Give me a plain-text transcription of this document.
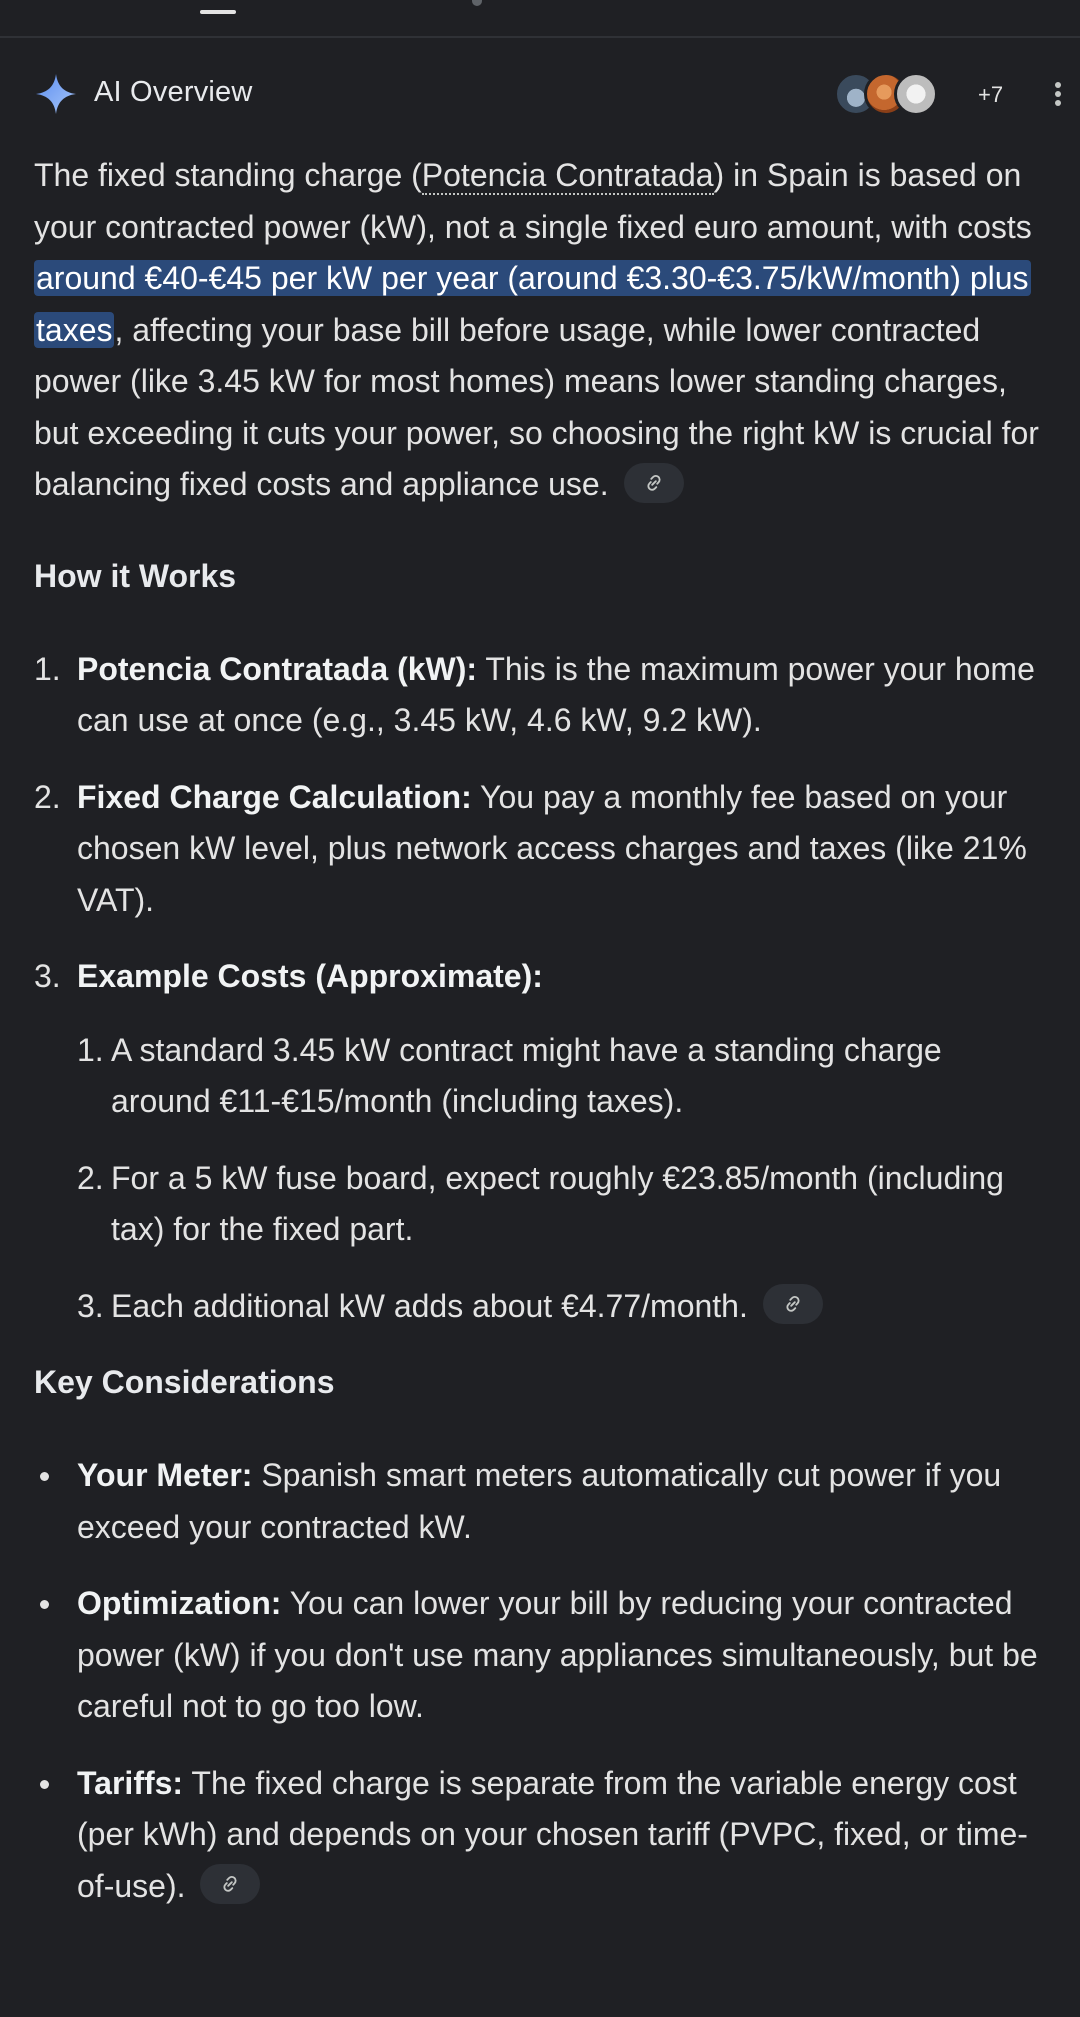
AI Overview	+7

The fixed standing charge (Potencia Contratada) in Spain is based on your contracted power (kW), not a single fixed euro amount, with costs around €40-€45 per kW per year (around €3.30-€3.75/kW/month) plus taxes, affecting your base bill before usage, while lower contracted power (like 3.45 kW for most homes) means lower standing charges, but exceeding it cuts your power, so choosing the right kW is crucial for balancing fixed costs and appliance use.

How it Works
1. Potencia Contratada (kW): This is the maximum power your home can use at once (e.g., 3.45 kW, 4.6 kW, 9.2 kW).
2. Fixed Charge Calculation: You pay a monthly fee based on your chosen kW level, plus network access charges and taxes (like 21% VAT).
3. Example Costs (Approximate):
1. A standard 3.45 kW contract might have a standing charge around €11-€15/month (including taxes).
2. For a 5 kW fuse board, expect roughly €23.85/month (including tax) for the fixed part.
3. Each additional kW adds about €4.77/month.
Key Considerations
Your Meter: Spanish smart meters automatically cut power if you exceed your contracted kW.
Optimization: You can lower your bill by reducing your contracted power (kW) if you don't use many appliances simultaneously, but be careful not to go too low.
Tariffs: The fixed charge is separate from the variable energy cost (per kWh) and depends on your chosen tariff (PVPC, fixed, or time-of-use).
